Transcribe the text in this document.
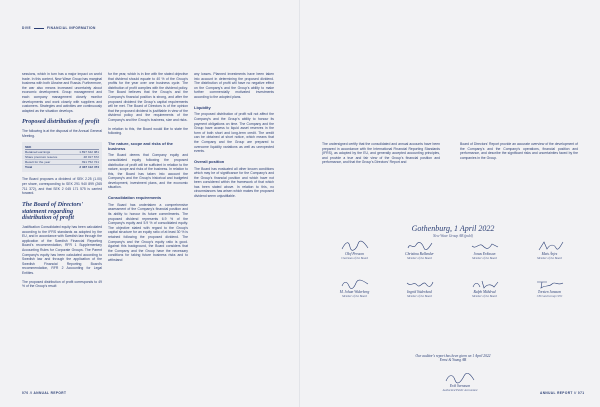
DIVE	FINANCIAL INFORMATION

sessions, which in turn has a major impact on world trade. In this context, New Wave Group has marginal business with both Ukraine and Russia. Furthermore, the war also means increased uncertainty about economic development. Group management and each company management closely monitor developments and work closely with suppliers and customers. Strategies and activities are continuously adapted as the situation develops.

Proposed distribution of profit

The following is at the disposal of the Annual General Meeting.

SEK
Retained earnings	1 897 342 081
Share premium reserve	48 017 672
Result for the year	391 752 721
Total	2 337 112 474

The Board proposes a dividend of SEK 2.25 (1.00) per share, corresponding to SEK 291 940 899 (265 711 372), and that SEK 2 045 171 575 is carried forward.

The Board of Directors' statement regarding distribution of profit

Justification Consolidated equity has been calculated according to the IFRS standards as adopted by the EU, and in accordance with Swedish law through the application of the Swedish Financial Reporting Board's recommendation, RFR 1 Supplementary Accounting Rules for Corporate Groups. The Parent Company's equity has been calculated according to Swedish law and through the application of the Swedish Financial Reporting Board's recommendation, RFR 2 Accounting for Legal Entities.

The proposed distribution of profit corresponds to 49 % of the Group's result

for the year, which is in line with the stated objective that dividend should equate to 40 % of the Group's profits for the year over one business cycle. The distribution of profit complies with the dividend policy. The Board believes that the Group's and the Company's financial position is strong, and after the proposed dividend the Group's capital requirements will be met. The Board of Directors is of the opinion that the proposed dividend is justifiable in view of the dividend policy and the requirements of the Company's and the Group's business, size and risks.

In relation to this, the Board would like to state the following.

The nature, scope and risks of the business

The Board deems that Company equity and consolidated equity following the proposed distribution of profit will be sufficient in relation to the nature, scope and risks of the business. In relation to this, the Board has taken into account the Company's and the Group's historical and budgeted development, investment plans, and the economic situation.

Consolidation requirements

The Board has undertaken a comprehensive assessment of the Company's financial position and its ability to honour its future commitments. The proposed dividend represents 6.9 % of the Company's equity and 5.9 % of consolidated equity. The objective stated with regard to the Group's capital structure for an equity ratio of at least 30 % is retained following the proposed dividend. The Company's and the Group's equity ratio is good. Against this background, the Board considers that the Company and the Group have the necessary conditions for taking future business risks and to withstand

any losses. Planned investments have been taken into account in determining the proposed dividend. The distribution of profit will have no negative effect on the Company's and the Group's ability to make further commercially motivated investments according to the adopted plans.

Liquidity

The proposed distribution of profit will not affect the Company's and the Group's ability to honour its payment obligations on time. The Company and the Group have access to liquid asset reserves in the form of both short and long-term credit. The credit can be obtained at short notice, which means that the Company and the Group are prepared to overcome liquidity variations as well as unexpected events.

Overall position

The Board has evaluated all other known conditions which may be of significance for the Company's and the Group's financial position and which have not been considered within the framework of that which has been stated above. In relation to this, no circumstances has arisen which makes the proposed dividend seem unjustifiable.

070 // ANNUAL REPORT
The undersigned certify that the consolidated and annual accounts have been prepared in accordance with the International Financial Reporting Standards (IFRS), as adopted by the EU, and generally accepted accounting principles, and provide a true and fair view of the Group's financial position and performance, and that the Group's Directors' Report and
Board of Directors' Report provide an accurate overview of the development of the Company's and the Company's operations, financial position and performance, and describe the significant risks and uncertainties faced by the companies in the Group.
Gothenburg, 1 April 2022
New Wave Group AB (publ)
Olof Persson
Chairman of the Board
Christina Bellander
Member of the Board
Jonas Eriksson
Member of the Board
Mats Årjes
Member of the Board
M. Johan Widerberg
Member of the Board
Ingrid Söderlund
Member of the Board
Ralph Mühlrad
Member of the Board
Torsten Jansson
CEO and Group CEO
Our auditor's report has been given on 1 April 2022
Ernst & Young AB
Erik Svensson
Authorized Public Accountant
ANNUAL REPORT // 071
